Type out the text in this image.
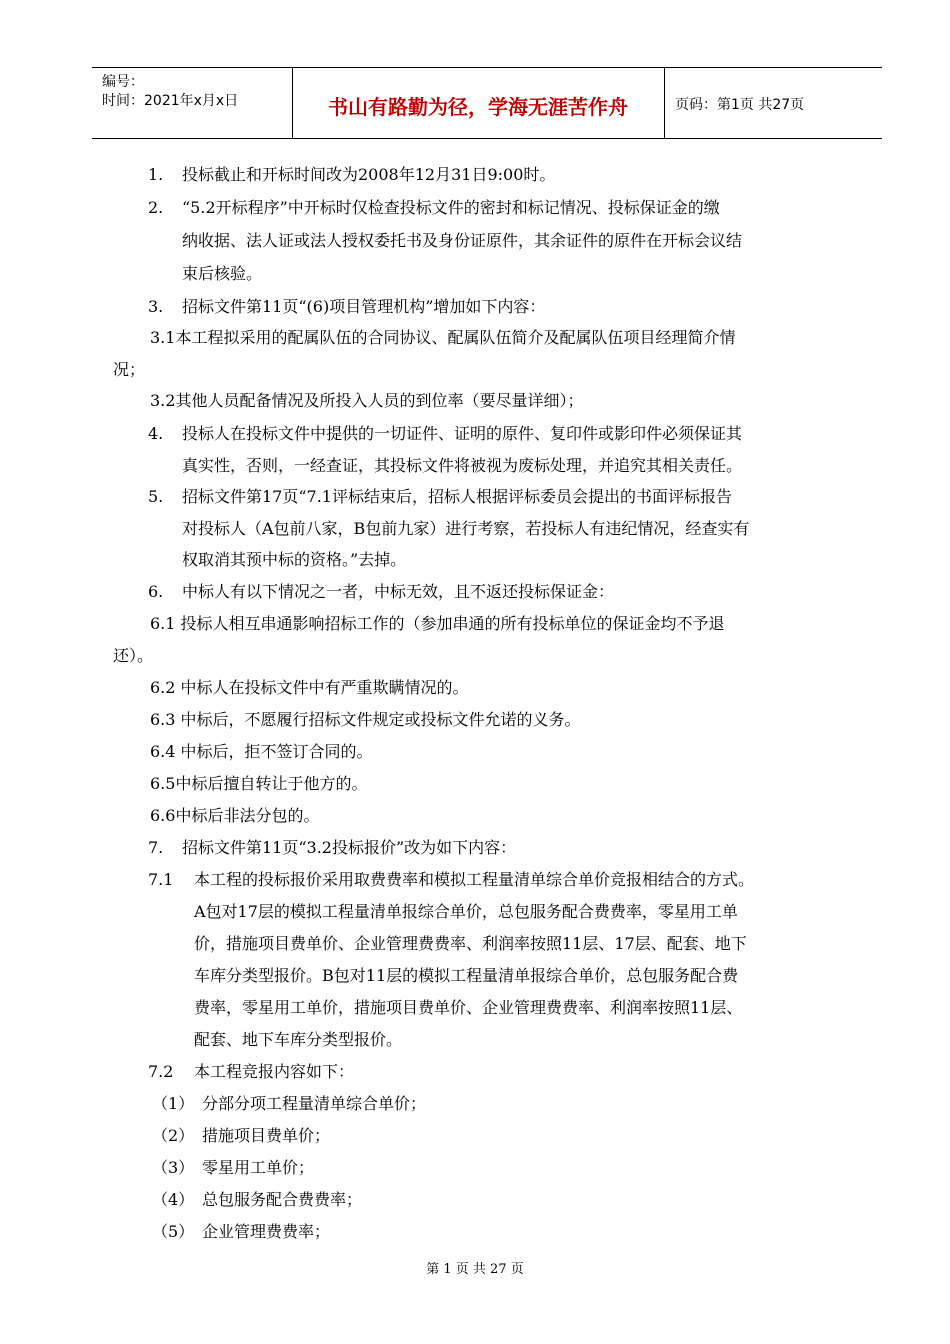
编号：
时间：2021年x月x日	书山有路勤为径，学海无涯苦作舟	页码：第1页 共27页
1. 投标截止和开标时间改为2008年12月31日9:00时。
2. “5.2开标程序”中开标时仅检查投标文件的密封和标记情况、投标保证金的缴
纳收据、法人证或法人授权委托书及身份证原件，其余证件的原件在开标会议结
束后核验。
3. 招标文件第11页“(6)项目管理机构”增加如下内容：
3.1本工程拟采用的配属队伍的合同协议、配属队伍简介及配属队伍项目经理简介情
况；
3.2其他人员配备情况及所投入人员的到位率（要尽量详细）；
4. 投标人在投标文件中提供的一切证件、证明的原件、复印件或影印件必须保证其
真实性，否则，一经查证，其投标文件将被视为废标处理，并追究其相关责任。
5. 招标文件第17页“7.1评标结束后，招标人根据评标委员会提出的书面评标报告
对投标人（A包前八家，B包前九家）进行考察，若投标人有违纪情况，经查实有
权取消其预中标的资格。”去掉。
6. 中标人有以下情况之一者，中标无效，且不返还投标保证金：
6.1 投标人相互串通影响招标工作的（参加串通的所有投标单位的保证金均不予退
还）。
6.2 中标人在投标文件中有严重欺瞒情况的。
6.3 中标后，不愿履行招标文件规定或投标文件允诺的义务。
6.4 中标后，拒不签订合同的。
6.5中标后擅自转让于他方的。
6.6中标后非法分包的。
7. 招标文件第11页“3.2投标报价”改为如下内容：
7.1 本工程的投标报价采用取费费率和模拟工程量清单综合单价竞报相结合的方式。
A包对17层的模拟工程量清单报综合单价，总包服务配合费费率，零星用工单
价，措施项目费单价、企业管理费费率、利润率按照11层、17层、配套、地下
车库分类型报价。B包对11层的模拟工程量清单报综合单价，总包服务配合费
费率，零星用工单价，措施项目费单价、企业管理费费率、利润率按照11层、
配套、地下车库分类型报价。
7.2 本工程竞报内容如下：
（1） 分部分项工程量清单综合单价；
（2） 措施项目费单价；
（3） 零星用工单价；
（4） 总包服务配合费费率；
（5） 企业管理费费率；
第 1 页 共 27 页
